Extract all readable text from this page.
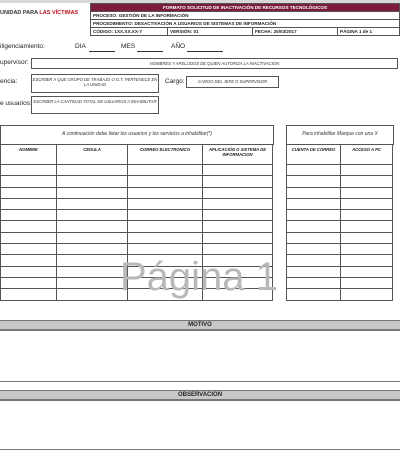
UNIDAD PARA LAS VÍCTIMAS
FORMATO SOLICITUD DE INACTIVACIÓN DE RECURSOS TECNOLÓGICOS
PROCESO: GESTIÓN DE LA INFORMACIÓN
PROCEDIMIENTO: DESACTIVACIÓN A USUARIOS DE SISTEMAS DE INFORMACIÓN
CÓDIGO: 1XX.XX.XX-7	VERSIÓN: 01	FECHA: 25/03/2017	PÁGINA 1 de 1
iligenciamiento:	DIA	MES	AÑO
upervisor:	NOMBRES Y APELLIDOS DE QUIEN AUTORIZA LA INACTIVACIÓN
encia:	ESCRIBIR A QUE GRUPO DE TRABAJO O G.T. PERTENECE EN LA UNIDAD	Cargo:	CARGO DEL JEFE O SUPERVISOR
e usuarios: ESCRIBIR LA CANTIDAD TOTAL DE USUARIOS A INHABILITAR
A continuación debe listar los usuarios y los servicios a inhabilitar(*)	Para inhabilitar Marque con una X
NOMBRE	CEDULA	CORREO ELECTRONICO	APLICACIÓN O SISTEMA DE INFORMACION

CUENTA DE CORREO	ACCESO A PC

Página 1
MOTIVO
OBSERVACION
